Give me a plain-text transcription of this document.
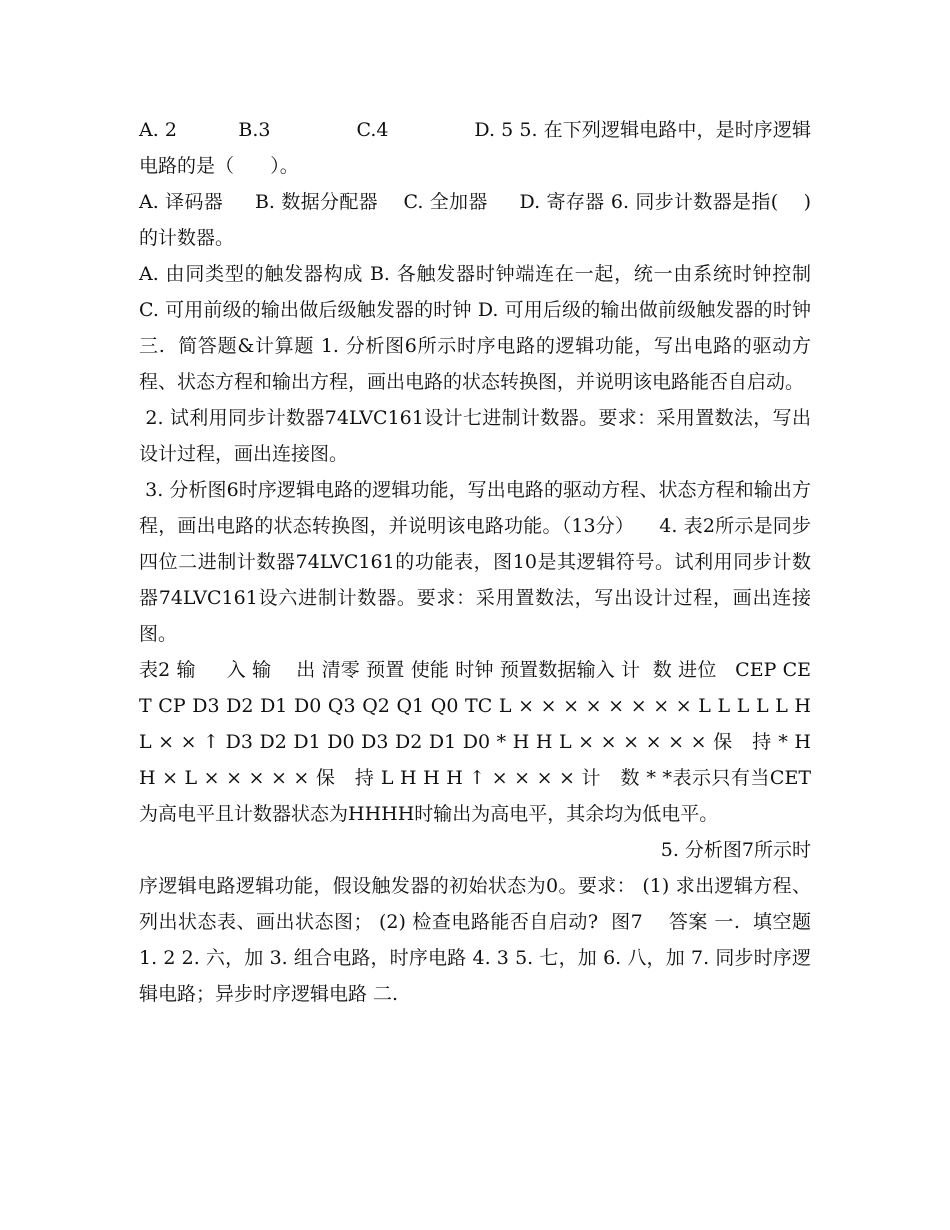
A. 2          B.3              C.4              D. 5 5. 在下列逻辑电路中，是时序逻辑电路的是（      ）。

A. 译码器     B. 数据分配器    C. 全加器     D. 寄存器 6. 同步计数器是指(    )的计数器。

A. 由同类型的触发器构成 B. 各触发器时钟端连在一起，统一由系统时钟控制 C. 可用前级的输出做后级触发器的时钟 D. 可用后级的输出做前级触发器的时钟  三.  简答题&计算题 1. 分析图6所示时序电路的逻辑功能，写出电路的驱动方程、状态方程和输出方程，画出电路的状态转换图，并说明该电路能否自启动。

2. 试利用同步计数器74LVC161设计七进制计数器。要求：采用置数法，写出设计过程，画出连接图。

3. 分析图6时序逻辑电路的逻辑功能，写出电路的驱动方程、状态方程和输出方程，画出电路的状态转换图，并说明该电路功能。（13分）    4. 表2所示是同步四位二进制计数器74LVC161的功能表，图10是其逻辑符号。试利用同步计数器74LVC161设六进制计数器。要求：采用置数法，写出设计过程，画出连接图。

表2 输     入 输    出 清零 预置 使能 时钟 预置数据输入 计  数 进位   CEP CET CP D3 D2 D1 D0 Q3 Q2 Q1 Q0 TC L × × × × × × × × L L L L L H L × × ↑ D3 D2 D1 D0 D3 D2 D1 D0 * H H L × × × × × × 保   持 * H H × L × × × × × 保   持 L H H H ↑ × × × × 计   数 * *表示只有当CET为高电平且计数器状态为HHHH时输出为高电平，其余均为低电平。

5. 分析图7所示时

序逻辑电路逻辑功能，假设触发器的初始状态为0。要求： (1) 求出逻辑方程、列出状态表、画出状态图； (2) 检查电路能否自启动?  图7    答案 一.  填空题 1. 2 2. 六，加 3. 组合电路，时序电路 4. 3 5. 七，加 6. 八，加 7. 同步时序逻辑电路；异步时序逻辑电路 二.
